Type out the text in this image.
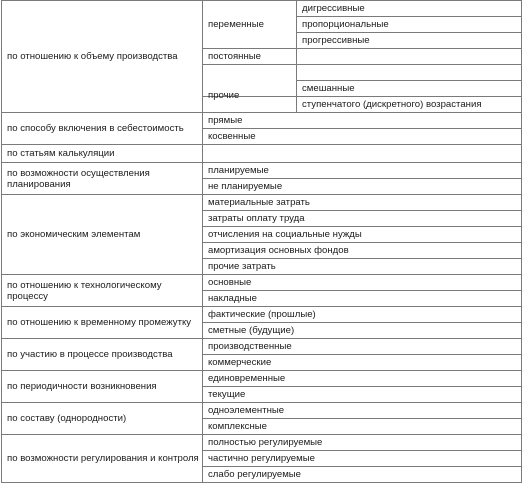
по отношению к объему производства	переменные	дигрессивные
		пропорциональные
		прогрессивные
	постоянные	

		смешанные
	прочие	ступенчатого (дискретного) возрастания
по способу включения в себестоимость	прямые	
	косвенные	
по статьям калькуляции		
по возможности осуществления планирования	планируемые	
	не планируемые	
по экономическим элементам	материальные затрать	
	затраты оплату труда	
	отчисления на социальные нужды	
	амортизация основных фондов	
	прочие затрать	
по отношению к технологическому процессу	основные	
	накладные	
по отношению к временному промежутку	фактические (прошлые)	
	сметные (будущие)	
по участию в процессе производства	производственные	
	коммерческие	
по периодичности возникновения	единовременные	
	текущие	
по составу (однородности)	одноэлементные	
	комплексные	
по возможности регулирования и контроля	полностью регулируемые	
	частично регулируемые	
	слабо регулируемые	
